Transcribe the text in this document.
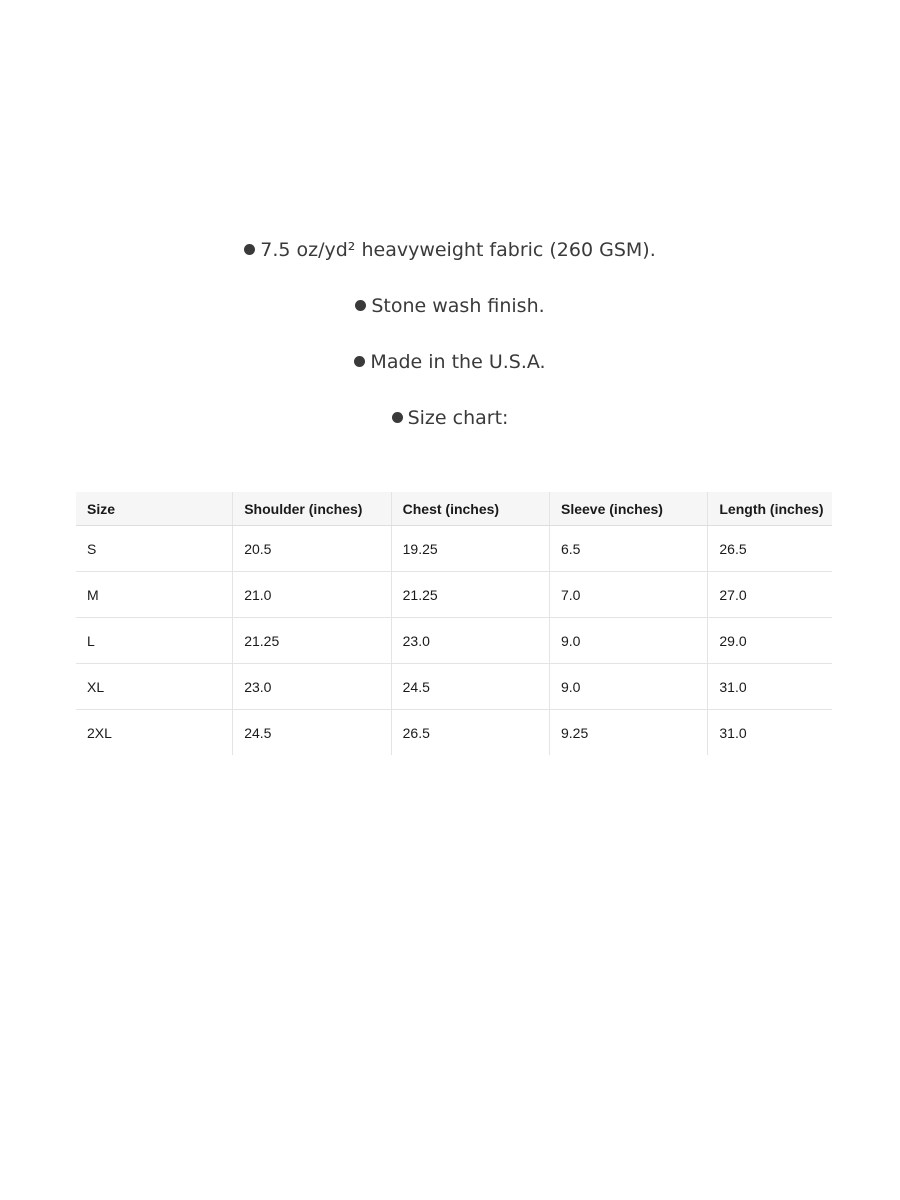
7.5 oz/yd² heavyweight fabric (260 GSM).
Stone wash finish.
Made in the U.S.A.
Size chart:
Size	Shoulder (inches)	Chest (inches)	Sleeve (inches)	Length (inches)
S	20.5	19.25	6.5	26.5
M	21.0	21.25	7.0	27.0
L	21.25	23.0	9.0	29.0
XL	23.0	24.5	9.0	31.0
2XL	24.5	26.5	9.25	31.0
